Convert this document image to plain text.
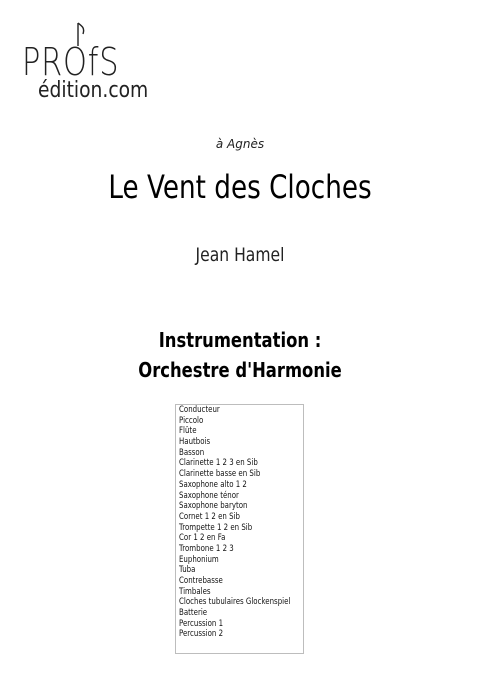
PROfS
édition.com
à Agnès
Le Vent des Cloches
Jean Hamel
Instrumentation :
Orchestre d'Harmonie
Conducteur
Piccolo
Flûte
Hautbois
Basson
Clarinette 1 2 3 en Sib
Clarinette basse en Sib
Saxophone alto 1 2
Saxophone ténor
Saxophone baryton
Cornet 1 2 en Sib
Trompette 1 2 en Sib
Cor 1 2 en Fa
Trombone 1 2 3
Euphonium
Tuba
Contrebasse
Timbales
Cloches tubulaires Glockenspiel
Batterie
Percussion 1
Percussion 2
